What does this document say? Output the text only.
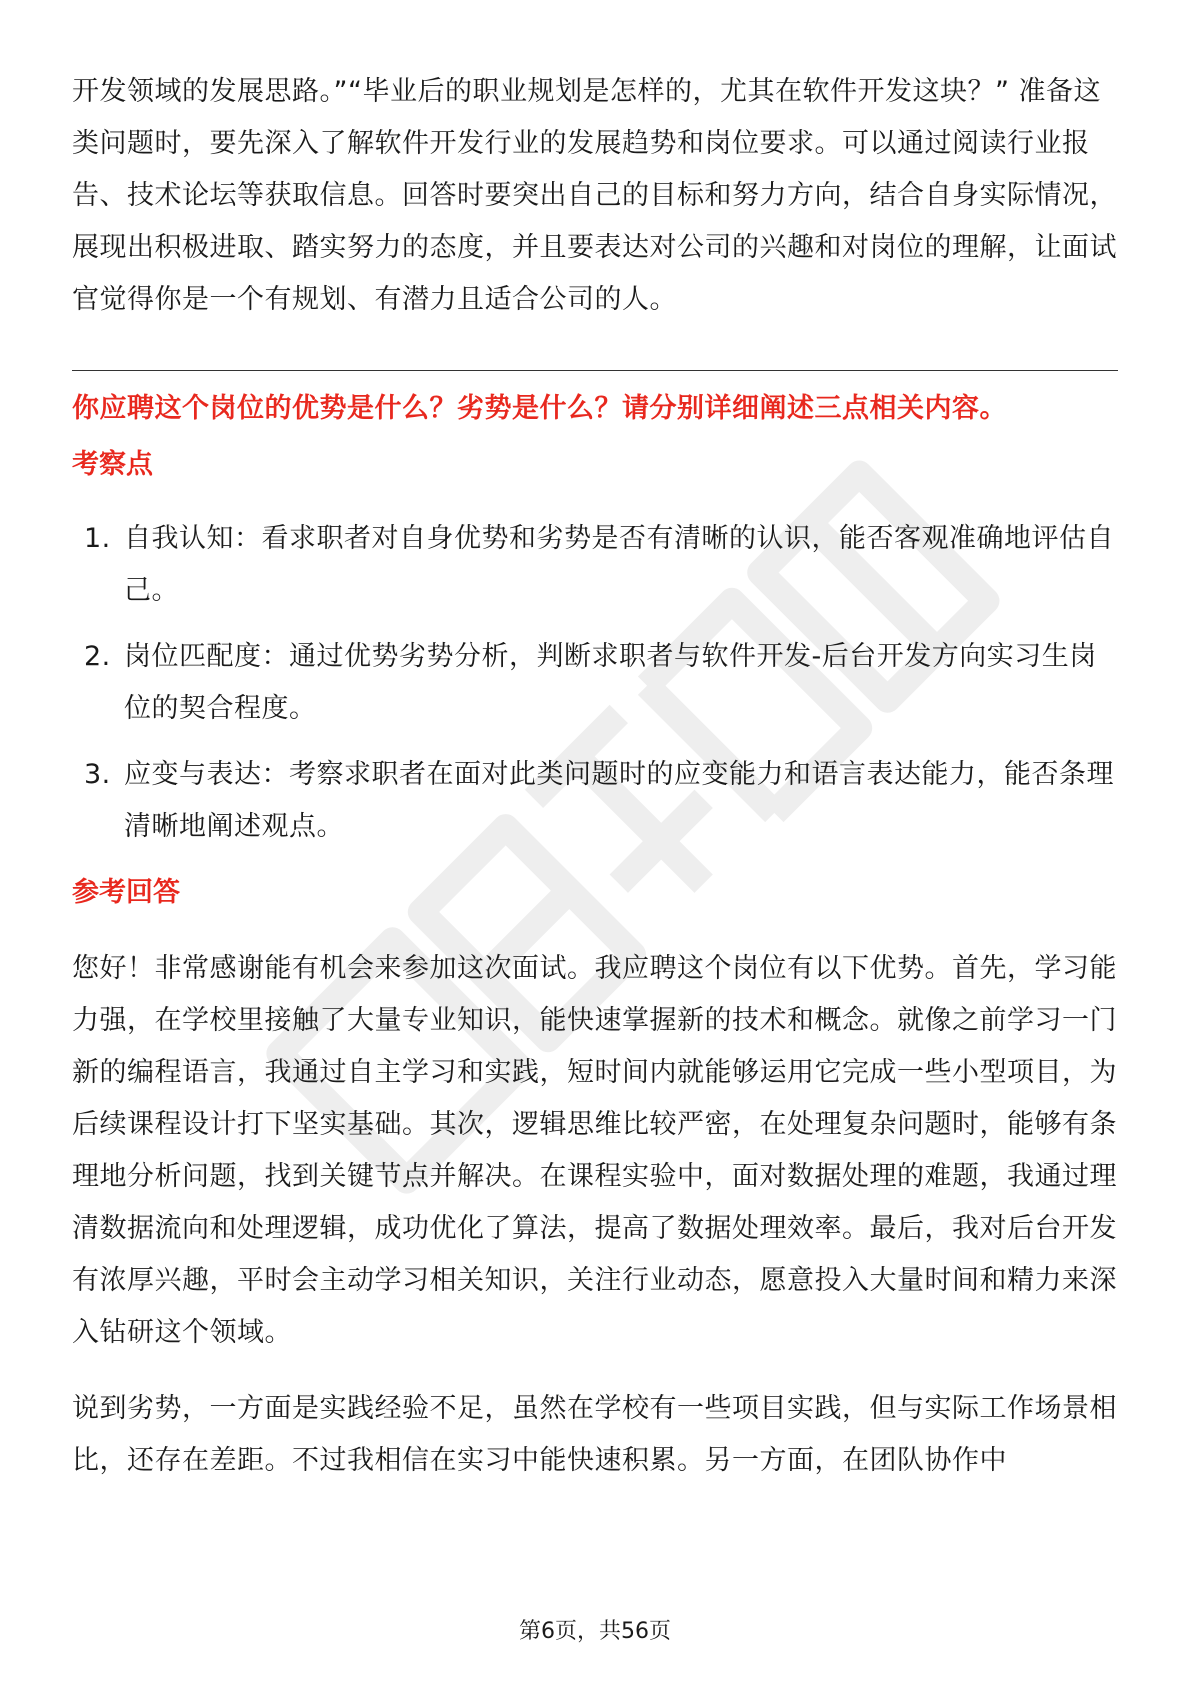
开发领域的发展思路。”“毕业后的职业规划是怎样的，尤其在软件开发这块？” 准备这类问题时，要先深入了解软件开发行业的发展趋势和岗位要求。可以通过阅读行业报告、技术论坛等获取信息。回答时要突出自己的目标和努力方向，结合自身实际情况，展现出积极进取、踏实努力的态度，并且要表达对公司的兴趣和对岗位的理解，让面试官觉得你是一个有规划、有潜力且适合公司的人。

你应聘这个岗位的优势是什么？劣势是什么？请分别详细阐述三点相关内容。

考察点

1. 自我认知：看求职者对自身优势和劣势是否有清晰的认识，能否客观准确地评估自己。
2. 岗位匹配度：通过优势劣势分析，判断求职者与软件开发-后台开发方向实习生岗位的契合程度。
3. 应变与表达：考察求职者在面对此类问题时的应变能力和语言表达能力，能否条理清晰地阐述观点。

参考回答

您好！非常感谢能有机会来参加这次面试。我应聘这个岗位有以下优势。首先，学习能力强，在学校里接触了大量专业知识，能快速掌握新的技术和概念。就像之前学习一门新的编程语言，我通过自主学习和实践，短时间内就能够运用它完成一些小型项目，为后续课程设计打下坚实基础。其次，逻辑思维比较严密，在处理复杂问题时，能够有条理地分析问题，找到关键节点并解决。在课程实验中，面对数据处理的难题，我通过理清数据流向和处理逻辑，成功优化了算法，提高了数据处理效率。最后，我对后台开发有浓厚兴趣，平时会主动学习相关知识，关注行业动态，愿意投入大量时间和精力来深入钻研这个领域。

说到劣势，一方面是实践经验不足，虽然在学校有一些项目实践，但与实际工作场景相比，还存在差距。不过我相信在实习中能快速积累。另一方面，在团队协作中

第6页，共56页
